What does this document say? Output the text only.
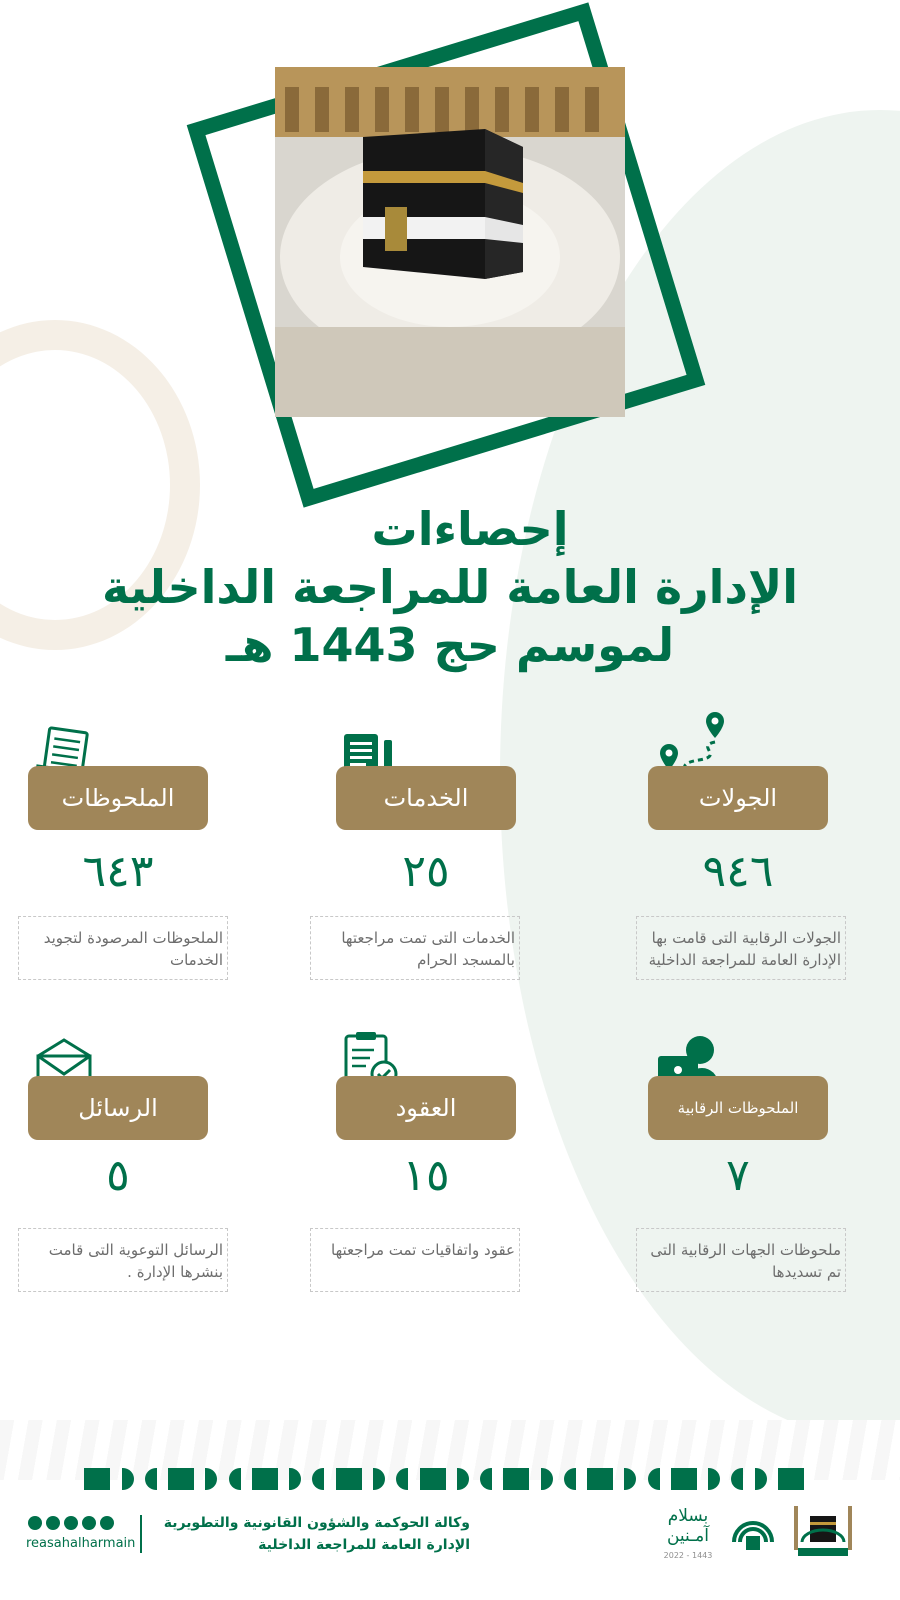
إحصاءات
الإدارة العامة للمراجعة الداخلية
لموسم حج 1443 هـ
الجولات
٩٤٦
الجولات الرقابية التى قامت بها الإدارة العامة للمراجعة الداخلية
الخدمات
٢٥
الخدمات التى تمت مراجعتها بالمسجد الحرام
الملحوظات
٦٤٣
الملحوظات المرصودة لتجويد الخدمات
الملحوظات الرقابية
٧
ملحوظات الجهات الرقابية التى تم تسديدها
العقود
١٥
عقود واتفاقيات تمت مراجعتها
الرسائل
٥
الرسائل التوعوية التى قامت بنشرها الإدارة .
وكالة الحوكمة والشؤون القانونية والتطويرية
الإدارة العامة للمراجعة الداخلية
reasahalharmain
بسلام
آمـنين
1443 - 2022
